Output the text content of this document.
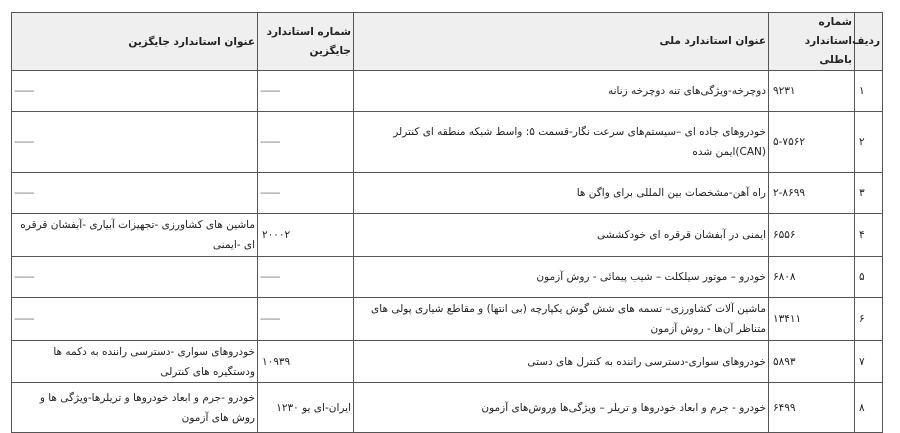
ردیف	شماره استاندارد باطلی	عنوان استاندارد ملی	شماره استاندارد جایگزین	عنوان استاندارد جایگزین
۱	۹۲۳۱	دوچرخه-ویژگی‌های تنه دوچرخه زنانه	-------	-------
۲	۵-۷۵۶۲	خودروهای جاده ای –سیستم‌های سرعت نگار-قسمت ۵: واسط شبکه منطقه ای کنترلر (CAN)ایمن شده	-------	-------
۳	۲-۸۶۹۹	راه آهن-مشخصات بین المللی برای واگن ها	-------	-------
۴	۶۵۵۶	ایمنی در آبفشان قرقره ای خودکششی	۲۰۰۰۲	ماشین های کشاورزی -تجهیزات آبیاری -آبفشان قرقره ای -ایمنی
۵	۶۸۰۸	خودرو – موتور سیلکلت – شیب پیمائی - روش آزمون	-------	-------
۶	۱۳۴۱۱	ماشین آلات کشاورزی– تسمه های شش گوش یکپارچه (بی انتها) و مقاطع شیاری پولی های متناظر آن‌ها - روش آزمون	-------	-------
۷	۵۸۹۳	خودروهای سواری-دسترسی راننده به کنترل های دستی	۱۰۹۳۹	خودروهای سواری -دسترسی راننده به دکمه ها ودستگیره های کنترلی
۸	۶۴۹۹	خودرو - جرم و ابعاد خودروها و تریلر – ویژگی‌ها وروش‌های آزمون	ایران-ای یو ۱۲۳۰	خودرو -جرم و ابعاد خودروها و تریلرها-ویژگی ها و روش های آزمون
